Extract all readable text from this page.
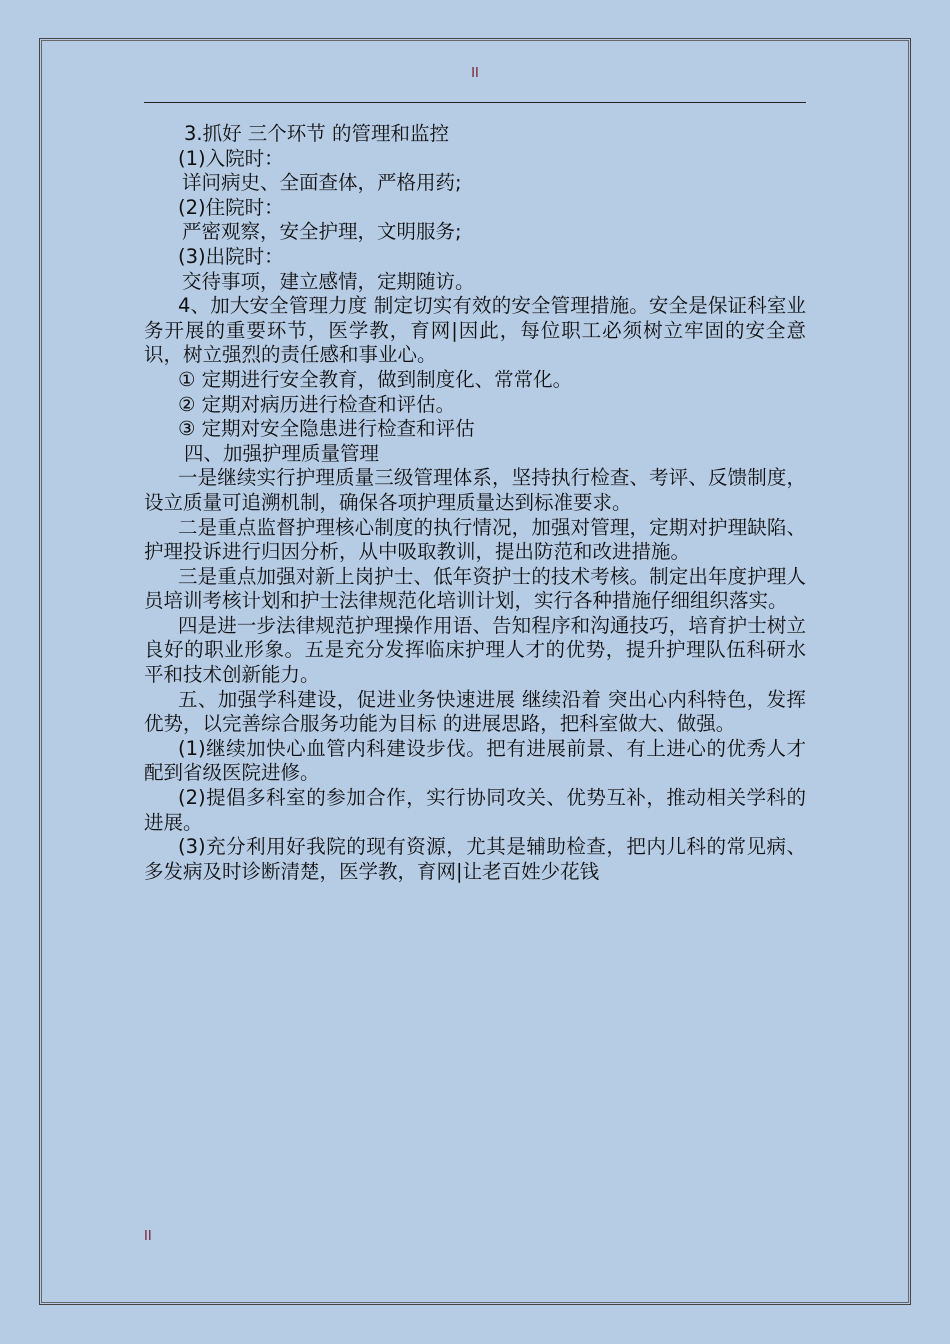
II

3.抓好 三个环节 的管理和监控

(1)入院时：

详问病史、全面查体，严格用药;

(2)住院时：

严密观察，安全护理，文明服务;

(3)出院时：

交待事项，建立感情，定期随访。

4、加大安全管理力度 制定切实有效的安全管理措施。安全是保证科室业务开展的重要环节，医学教，育网|因此，每位职工必须树立牢固的安全意识，树立强烈的责任感和事业心。

① 定期进行安全教育，做到制度化、常常化。

② 定期对病历进行检查和评估。

③ 定期对安全隐患进行检查和评估

四、加强护理质量管理

一是继续实行护理质量三级管理体系，坚持执行检查、考评、反馈制度，设立质量可追溯机制，确保各项护理质量达到标准要求。

二是重点监督护理核心制度的执行情况，加强对管理，定期对护理缺陷、护理投诉进行归因分析，从中吸取教训，提出防范和改进措施。

三是重点加强对新上岗护士、低年资护士的技术考核。制定出年度护理人员培训考核计划和护士法律规范化培训计划，实行各种措施仔细组织落实。

四是进一步法律规范护理操作用语、告知程序和沟通技巧，培育护士树立良好的职业形象。五是充分发挥临床护理人才的优势，提升护理队伍科研水平和技术创新能力。

五、加强学科建设，促进业务快速进展 继续沿着 突出心内科特色，发挥优势，以完善综合服务功能为目标 的进展思路，把科室做大、做强。

(1)继续加快心血管内科建设步伐。把有进展前景、有上进心的优秀人才配到省级医院进修。

(2)提倡多科室的参加合作，实行协同攻关、优势互补，推动相关学科的进展。

(3)充分利用好我院的现有资源，尤其是辅助检查，把内儿科的常见病、多发病及时诊断清楚，医学教，育网|让老百姓少花钱

II
